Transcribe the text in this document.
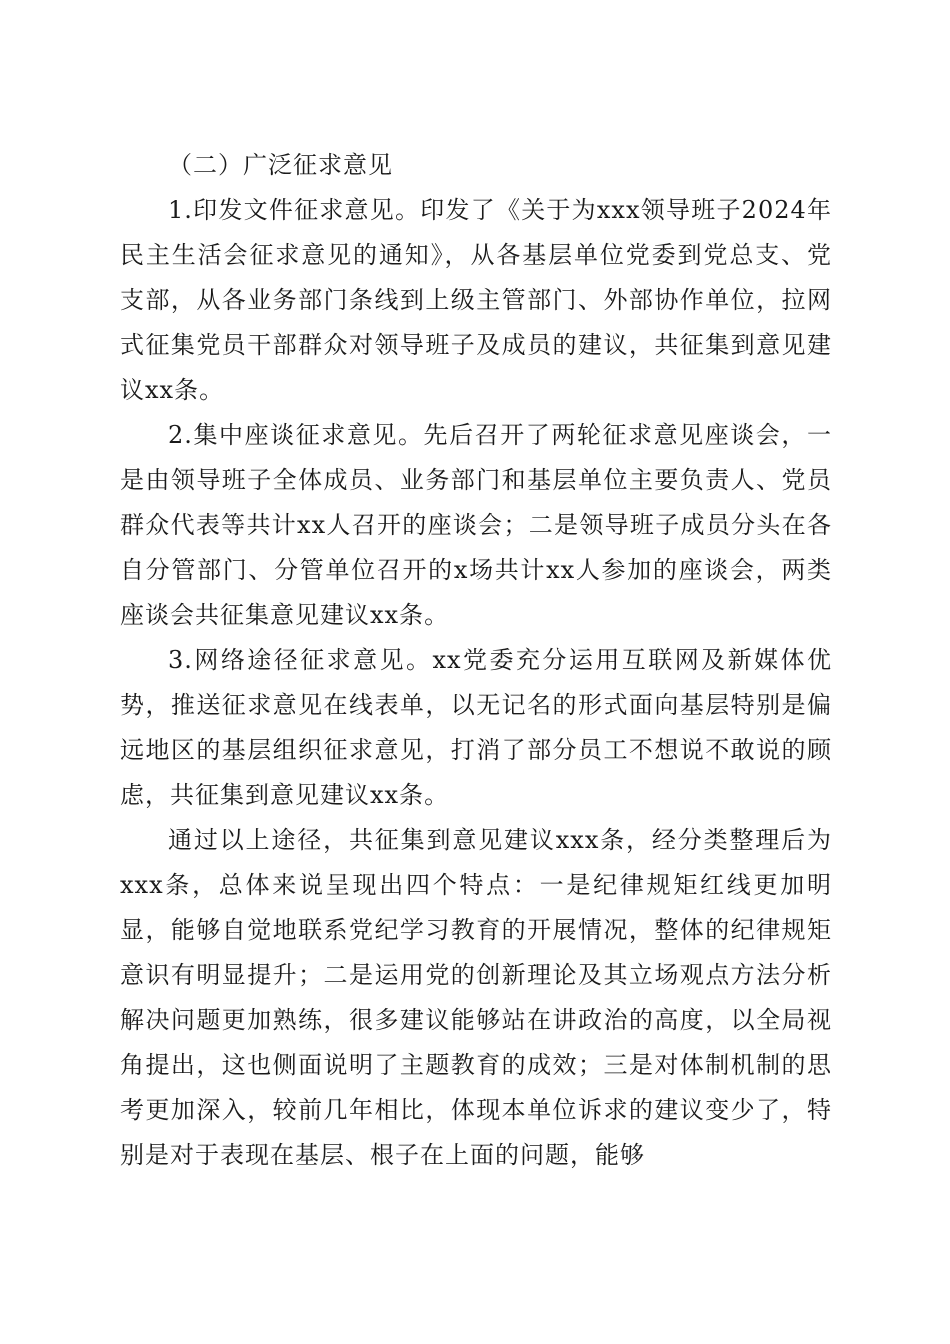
（二）广泛征求意见

1.印发文件征求意见。印发了《关于为xxx领导班子2024年民主生活会征求意见的通知》，从各基层单位党委到党总支、党支部，从各业务部门条线到上级主管部门、外部协作单位，拉网式征集党员干部群众对领导班子及成员的建议，共征集到意见建议xx条。

2.集中座谈征求意见。先后召开了两轮征求意见座谈会，一是由领导班子全体成员、业务部门和基层单位主要负责人、党员群众代表等共计xx人召开的座谈会；二是领导班子成员分头在各自分管部门、分管单位召开的x场共计xx人参加的座谈会，两类座谈会共征集意见建议xx条。

3.网络途径征求意见。xx党委充分运用互联网及新媒体优势，推送征求意见在线表单，以无记名的形式面向基层特别是偏远地区的基层组织征求意见，打消了部分员工不想说不敢说的顾虑，共征集到意见建议xx条。

通过以上途径，共征集到意见建议xxx条，经分类整理后为xxx条，总体来说呈现出四个特点：一是纪律规矩红线更加明显，能够自觉地联系党纪学习教育的开展情况，整体的纪律规矩意识有明显提升；二是运用党的创新理论及其立场观点方法分析解决问题更加熟练，很多建议能够站在讲政治的高度，以全局视角提出，这也侧面说明了主题教育的成效；三是对体制机制的思考更加深入，较前几年相比，体现本单位诉求的建议变少了，特别是对于表现在基层、根子在上面的问题，能够
